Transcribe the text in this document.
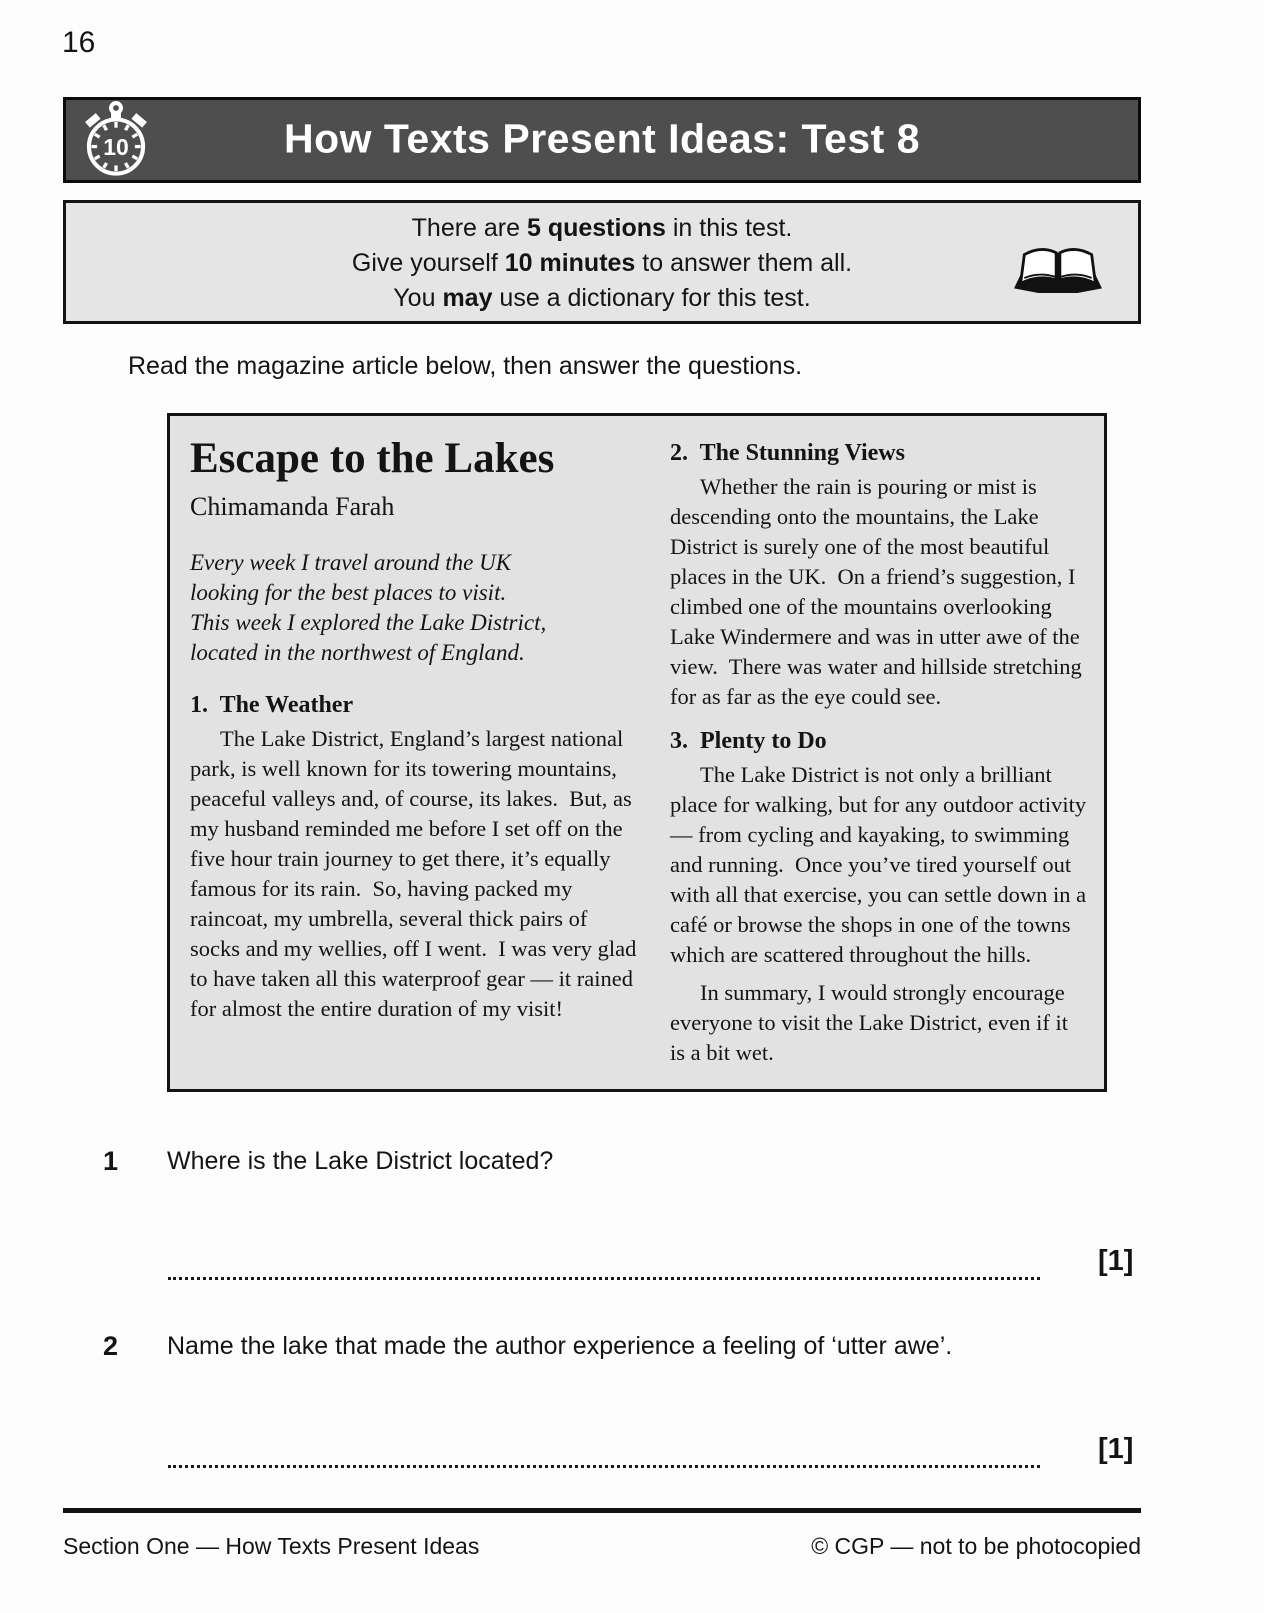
16
10	How Texts Present Ideas: Test 8
There are 5 questions in this test.
Give yourself 10 minutes to answer them all.
You may use a dictionary for this test.
Read the magazine article below, then answer the questions.
Escape to the Lakes
Chimamanda Farah
Every week I travel around the UK
looking for the best places to visit.
This week I explored the Lake District,
located in the northwest of England.
1.  The Weather

The Lake District, England’s largest national park, is well known for its towering mountains, peaceful valleys and, of course, its lakes.  But, as my husband reminded me before I set off on the five hour train journey to get there, it’s equally famous for its rain.  So, having packed my raincoat, my umbrella, several thick pairs of socks and my wellies, off I went.  I was very glad to have taken all this waterproof gear — it rained for almost the entire duration of my visit!

2.  The Stunning Views

Whether the rain is pouring or mist is descending onto the mountains, the Lake District is surely one of the most beautiful places in the UK.  On a friend’s suggestion, I climbed one of the mountains overlooking Lake Windermere and was in utter awe of the view.  There was water and hillside stretching for as far as the eye could see.

3.  Plenty to Do

The Lake District is not only a brilliant place for walking, but for any outdoor activity — from cycling and kayaking, to swimming and running.  Once you’ve tired yourself out with all that exercise, you can settle down in a café or browse the shops in one of the towns which are scattered throughout the hills.

In summary, I would strongly encourage everyone to visit the Lake District, even if it is a bit wet.

1 Where is the Lake District located?
[1]
2 Name the lake that made the author experience a feeling of ‘utter awe’.
[1]
Section One — How Texts Present Ideas	© CGP — not to be photocopied
